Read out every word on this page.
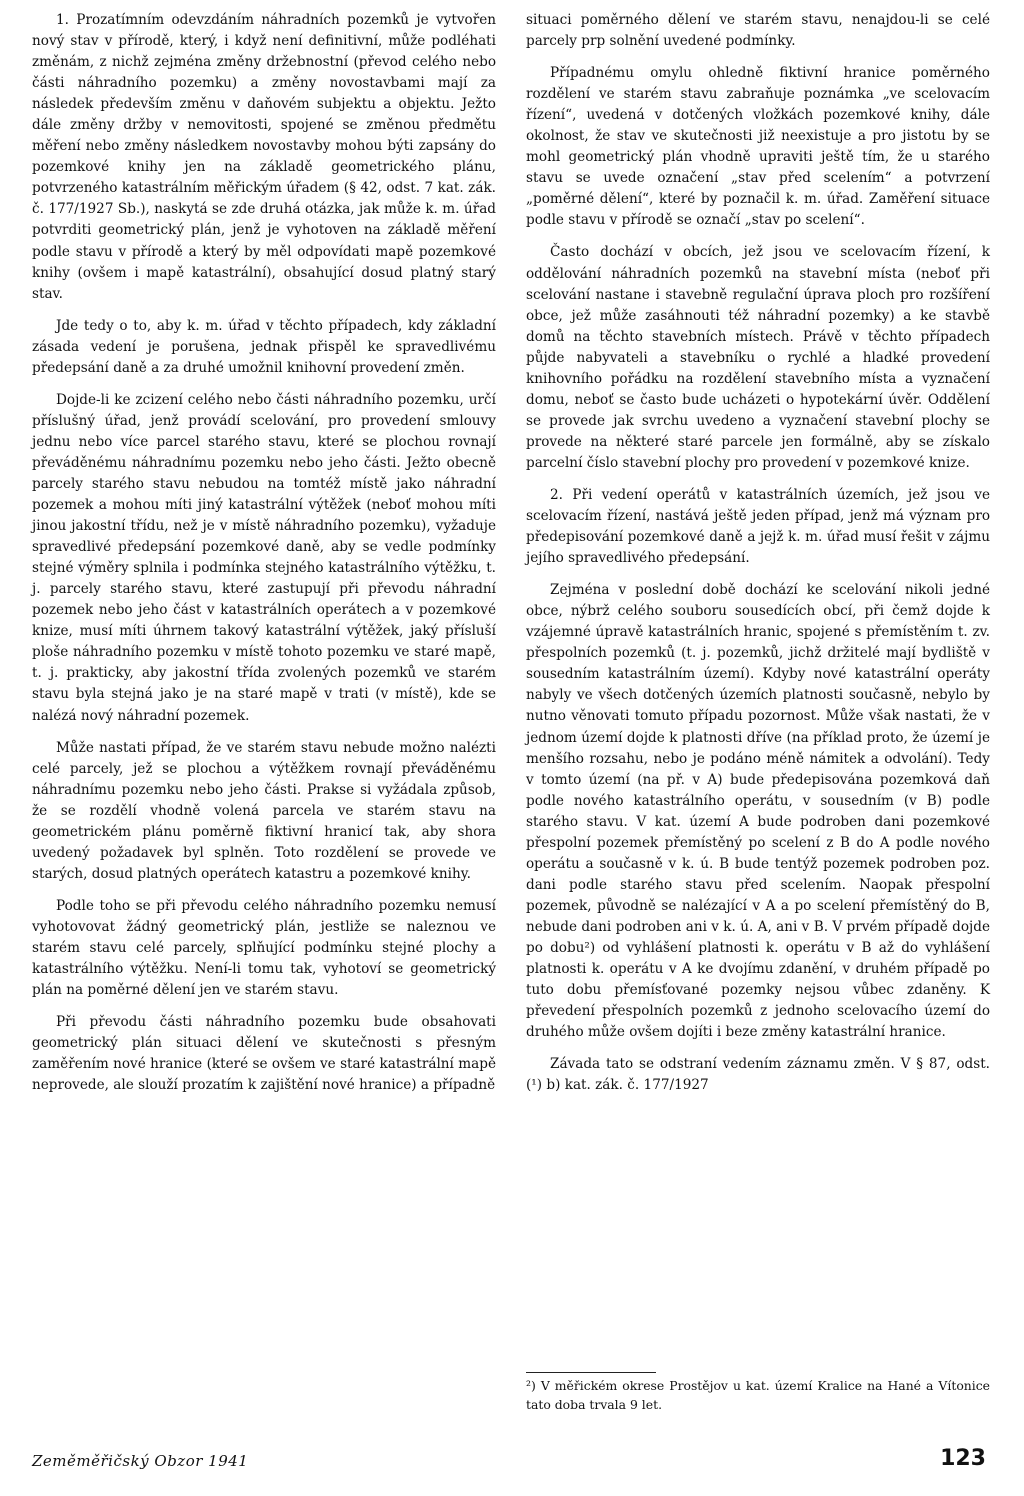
1. Prozatímním odevzdáním náhradních pozemků je vytvořen nový stav v přírodě, který, i když není definitivní, může podléhati změnám, z nichž zejména změny držebnostní (převod celého nebo části náhradního pozemku) a změny novostavbami mají za následek především změnu v daňovém subjektu a objektu. Ježto dále změny držby v nemovitosti, spojené se změnou předmětu měření nebo změny následkem novostavby mohou býti zapsány do pozemkové knihy jen na základě geometrického plánu, potvrzeného katastrálním měřickým úřadem (§ 42, odst. 7 kat. zák. č. 177/1927 Sb.), naskytá se zde druhá otázka, jak může k. m. úřad potvrditi geometrický plán, jenž je vyhotoven na základě měření podle stavu v přírodě a který by měl odpovídati mapě pozemkové knihy (ovšem i mapě katastrální), obsahující dosud platný starý stav.

Jde tedy o to, aby k. m. úřad v těchto případech, kdy základní zásada vedení je porušena, jednak přispěl ke spravedlivému předepsání daně a za druhé umožnil knihovní provedení změn.

Dojde-li ke zcizení celého nebo části náhradního pozemku, určí příslušný úřad, jenž provádí scelování, pro provedení smlouvy jednu nebo více parcel starého stavu, které se plochou rovnají převáděnému náhradnímu pozemku nebo jeho části. Ježto obecně parcely starého stavu nebudou na tomtéž místě jako náhradní pozemek a mohou míti jiný katastrální výtěžek (neboť mohou míti jinou jakostní třídu, než je v místě náhradního pozemku), vyžaduje spravedlivé předepsání pozemkové daně, aby se vedle podmínky stejné výměry splnila i podmínka stejného katastrálního výtěžku, t. j. parcely starého stavu, které zastupují při převodu náhradní pozemek nebo jeho část v katastrálních operátech a v pozemkové knize, musí míti úhrnem takový katastrální výtěžek, jaký přísluší ploše náhradního pozemku v místě tohoto pozemku ve staré mapě, t. j. prakticky, aby jakostní třída zvolených pozemků ve starém stavu byla stejná jako je na staré mapě v trati (v místě), kde se nalézá nový náhradní pozemek.

Může nastati případ, že ve starém stavu nebude možno nalézti celé parcely, jež se plochou a výtěžkem rovnají převáděnému náhradnímu pozemku nebo jeho části. Prakse si vyžádala způsob, že se rozdělí vhodně volená parcela ve starém stavu na geometrickém plánu poměrně fiktivní hranicí tak, aby shora uvedený požadavek byl splněn. Toto rozdělení se provede ve starých, dosud platných operátech katastru a pozemkové knihy.

Podle toho se při převodu celého náhradního pozemku nemusí vyhotovovat žádný geometrický plán, jestliže se naleznou ve starém stavu celé parcely, splňující podmínku stejné plochy a katastrálního výtěžku. Není-li tomu tak, vyhotoví se geometrický plán na poměrné dělení jen ve starém stavu.

Při převodu části náhradního pozemku bude obsahovati geometrický plán situaci dělení ve skutečnosti s přesným zaměřením nové hranice (které se ovšem ve staré katastrální mapě neprovede, ale slouží prozatím k zajištění nové hranice) a případně

situaci poměrného dělení ve starém stavu, nenajdou-li se celé parcely prp solnění uvedené podmínky.

Případnému omylu ohledně fiktivní hranice poměrného rozdělení ve starém stavu zabraňuje poznámka „ve scelovacím řízení“, uvedená v dotčených vložkách pozemkové knihy, dále okolnost, že stav ve skutečnosti již neexistuje a pro jistotu by se mohl geometrický plán vhodně upraviti ještě tím, že u starého stavu se uvede označení „stav před scelením“ a potvrzení „poměrné dělení“, které by poznačil k. m. úřad. Zaměření situace podle stavu v přírodě se označí „stav po scelení“.

Často dochází v obcích, jež jsou ve scelovacím řízení, k oddělování náhradních pozemků na stavební místa (neboť při scelování nastane i stavebně regulační úprava ploch pro rozšíření obce, jež může zasáhnouti též náhradní pozemky) a ke stavbě domů na těchto stavebních místech. Právě v těchto případech půjde nabyvateli a stavebníku o rychlé a hladké provedení knihovního pořádku na rozdělení stavebního místa a vyznačení domu, neboť se často bude ucházeti o hypotekární úvěr. Oddělení se provede jak svrchu uvedeno a vyznačení stavební plochy se provede na některé staré parcele jen formálně, aby se získalo parcelní číslo stavební plochy pro provedení v pozemkové knize.

2. Při vedení operátů v katastrálních územích, jež jsou ve scelovacím řízení, nastává ještě jeden případ, jenž má význam pro předepisování pozemkové daně a jejž k. m. úřad musí řešit v zájmu jejího spravedlivého předepsání.

Zejména v poslední době dochází ke scelování nikoli jedné obce, nýbrž celého souboru sousedících obcí, při čemž dojde k vzájemné úpravě katastrálních hranic, spojené s přemístěním t. zv. přespolních pozemků (t. j. pozemků, jichž držitelé mají bydliště v sousedním katastrálním území). Kdyby nové katastrální operáty nabyly ve všech dotčených územích platnosti současně, nebylo by nutno věnovati tomuto případu pozornost. Může však nastati, že v jednom území dojde k platnosti dříve (na příklad proto, že území je menšího rozsahu, nebo je podáno méně námitek a odvolání). Tedy v tomto území (na př. v A) bude předepisována pozemková daň podle nového katastrálního operátu, v sousedním (v B) podle starého stavu. V kat. území A bude podroben dani pozemkové přespolní pozemek přemístěný po scelení z B do A podle nového operátu a současně v k. ú. B bude tentýž pozemek podroben poz. dani podle starého stavu před scelením. Naopak přespolní pozemek, původně se nalézající v A a po scelení přemístěný do B, nebude dani podroben ani v k. ú. A, ani v B. V prvém případě dojde po dobu²) od vyhlášení platnosti k. operátu v B až do vyhlášení platnosti k. operátu v A ke dvojímu zdanění, v druhém případě po tuto dobu přemísťované pozemky nejsou vůbec zdaněny. K převedení přespolních pozemků z jednoho scelovacího území do druhého může ovšem dojíti i beze změny katastrální hranice.

Závada tato se odstraní vedením záznamu změn. V § 87, odst. (¹) b) kat. zák. č. 177/1927

²) V měřickém okrese Prostějov u kat. území Kralice na Hané a Vítonice tato doba trvala 9 let.
Zeměměřičský Obzor 1941	123
